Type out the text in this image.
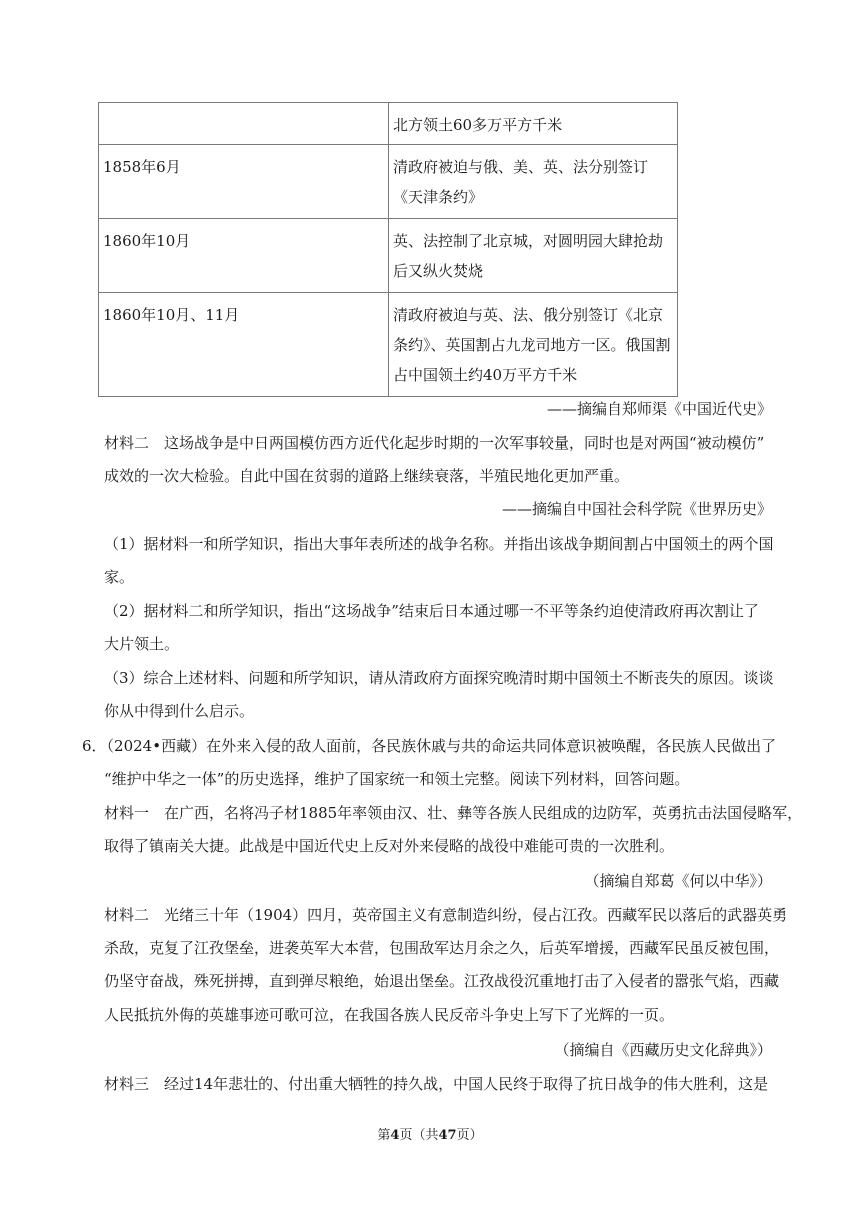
	北方领土60多万平方千米
1858年6月	清政府被迫与俄、美、英、法分别签订《天津条约》
1860年10月	英、法控制了北京城，对圆明园大肆抢劫后又纵火焚烧
1860年10月、11月	清政府被迫与英、法、俄分别签订《北京条约》、英国割占九龙司地方一区。俄国割占中国领土约40万平方千米
——摘编自郑师渠《中国近代史》
材料二　这场战争是中日两国模仿西方近代化起步时期的一次军事较量，同时也是对两国“被动模仿”
成效的一次大检验。自此中国在贫弱的道路上继续衰落，半殖民地化更加严重。
——摘编自中国社会科学院《世界历史》
（1）据材料一和所学知识，指出大事年表所述的战争名称。并指出该战争期间割占中国领土的两个国
家。
（2）据材料二和所学知识，指出“这场战争”结束后日本通过哪一不平等条约迫使清政府再次割让了
大片领土。
（3）综合上述材料、问题和所学知识，请从清政府方面探究晚清时期中国领土不断丧失的原因。谈谈
你从中得到什么启示。
6．（2024•西藏）在外来入侵的敌人面前，各民族休戚与共的命运共同体意识被唤醒，各民族人民做出了
“维护中华之一体”的历史选择，维护了国家统一和领土完整。阅读下列材料，回答问题。
材料一　在广西，名将冯子材1885年率领由汉、壮、彝等各族人民组成的边防军，英勇抗击法国侵略军，
取得了镇南关大捷。此战是中国近代史上反对外来侵略的战役中难能可贵的一次胜利。
（摘编自郑葛《何以中华》）
材料二　光绪三十年（1904）四月，英帝国主义有意制造纠纷，侵占江孜。西藏军民以落后的武器英勇
杀敌，克复了江孜堡垒，进袭英军大本营，包围敌军达月余之久，后英军增援，西藏军民虽反被包围，
仍坚守奋战，殊死拼搏，直到弹尽粮绝，始退出堡垒。江孜战役沉重地打击了入侵者的嚣张气焰，西藏
人民抵抗外侮的英雄事迹可歌可泣，在我国各族人民反帝斗争史上写下了光辉的一页。
（摘编自《西藏历史文化辞典》）
材料三　经过14年悲壮的、付出重大牺牲的持久战，中国人民终于取得了抗日战争的伟大胜利，这是
第4页（共47页）
